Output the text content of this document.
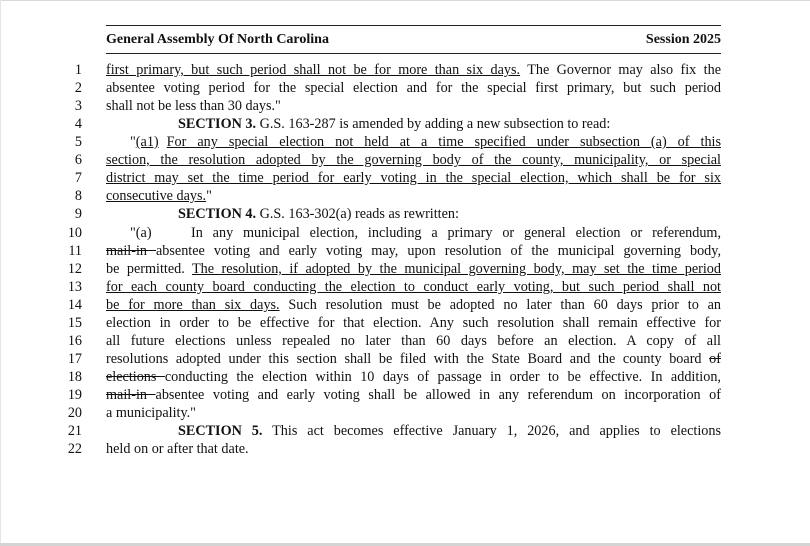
General Assembly Of North Carolina	Session 2025
1
2
3
4
5
6
7
8
9
10
11
12
13
14
15
16
17
18
19
20
21
22
first primary, but such period shall not be for more than six days. The Governor may also fix the
absentee voting period for the special election and for the special first primary, but such period
shall not be less than 30 days."
SECTION 3. G.S. 163-287 is amended by adding a new subsection to read:
"(a1) For any special election not held at a time specified under subsection (a) of this
section, the resolution adopted by the governing body of the county, municipality, or special
district may set the time period for early voting in the special election, which shall be for six
consecutive days."
SECTION 4. G.S. 163-302(a) reads as rewritten:
"(a)    In any municipal election, including a primary or general election or referendum,
mail-in absentee voting and early voting may, upon resolution of the municipal governing body,
be permitted. The resolution, if adopted by the municipal governing body, may set the time period
for each county board conducting the election to conduct early voting, but such period shall not
be for more than six days. Such resolution must be adopted no later than 60 days prior to an
election in order to be effective for that election. Any such resolution shall remain effective for
all future elections unless repealed no later than 60 days before an election. A copy of all
resolutions adopted under this section shall be filed with the State Board and the county board of
elections conducting the election within 10 days of passage in order to be effective. In addition,
mail-in absentee voting and early voting shall be allowed in any referendum on incorporation of
a municipality."
SECTION 5. This act becomes effective January 1, 2026, and applies to elections
held on or after that date.
